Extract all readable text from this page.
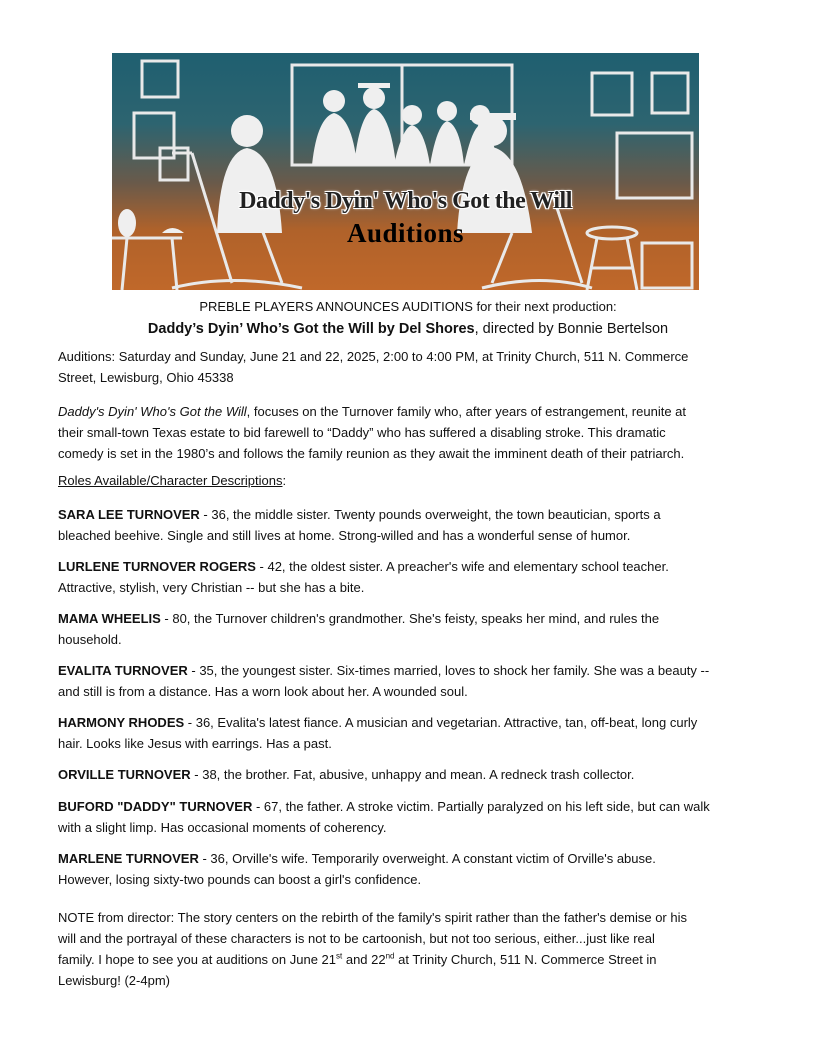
Daddy's Dyin' Who's Got the Will
Auditions
PREBLE PLAYERS ANNOUNCES AUDITIONS for their next production:
Daddy’s Dyin’ Who’s Got the Will by Del Shores, directed by Bonnie Bertelson
Auditions: Saturday and Sunday, June 21 and 22, 2025, 2:00 to 4:00 PM, at Trinity Church, 511 N. Commerce
Street, Lewisburg, Ohio 45338
Daddy's Dyin' Who's Got the Will, focuses on the Turnover family who, after years of estrangement, reunite at
their small-town Texas estate to bid farewell to “Daddy” who has suffered a disabling stroke. This dramatic
comedy is set in the 1980’s and follows the family reunion as they await the imminent death of their patriarch.
Roles Available/Character Descriptions:
SARA LEE TURNOVER - 36, the middle sister. Twenty pounds overweight, the town beautician, sports a
bleached beehive. Single and still lives at home. Strong-willed and has a wonderful sense of humor.
LURLENE TURNOVER ROGERS - 42, the oldest sister. A preacher's wife and elementary school teacher.
Attractive, stylish, very Christian -- but she has a bite.
MAMA WHEELIS - 80, the Turnover children's grandmother. She's feisty, speaks her mind, and rules the
household.
EVALITA TURNOVER - 35, the youngest sister. Six-times married, loves to shock her family. She was a beauty --
and still is from a distance. Has a worn look about her. A wounded soul.
HARMONY RHODES - 36, Evalita's latest fiance. A musician and vegetarian. Attractive, tan, off-beat, long curly
hair. Looks like Jesus with earrings. Has a past.
ORVILLE TURNOVER - 38, the brother. Fat, abusive, unhappy and mean. A redneck trash collector.
BUFORD "DADDY" TURNOVER - 67, the father. A stroke victim. Partially paralyzed on his left side, but can walk
with a slight limp. Has occasional moments of coherency.
MARLENE TURNOVER - 36, Orville's wife. Temporarily overweight. A constant victim of Orville's abuse.
However, losing sixty-two pounds can boost a girl's confidence.
NOTE from director: The story centers on the rebirth of the family's spirit rather than the father's demise or his
will and the portrayal of these characters is not to be cartoonish, but not too serious, either...just like real
family. I hope to see you at auditions on June 21st and 22nd at Trinity Church, 511 N. Commerce Street in
Lewisburg! (2-4pm)
